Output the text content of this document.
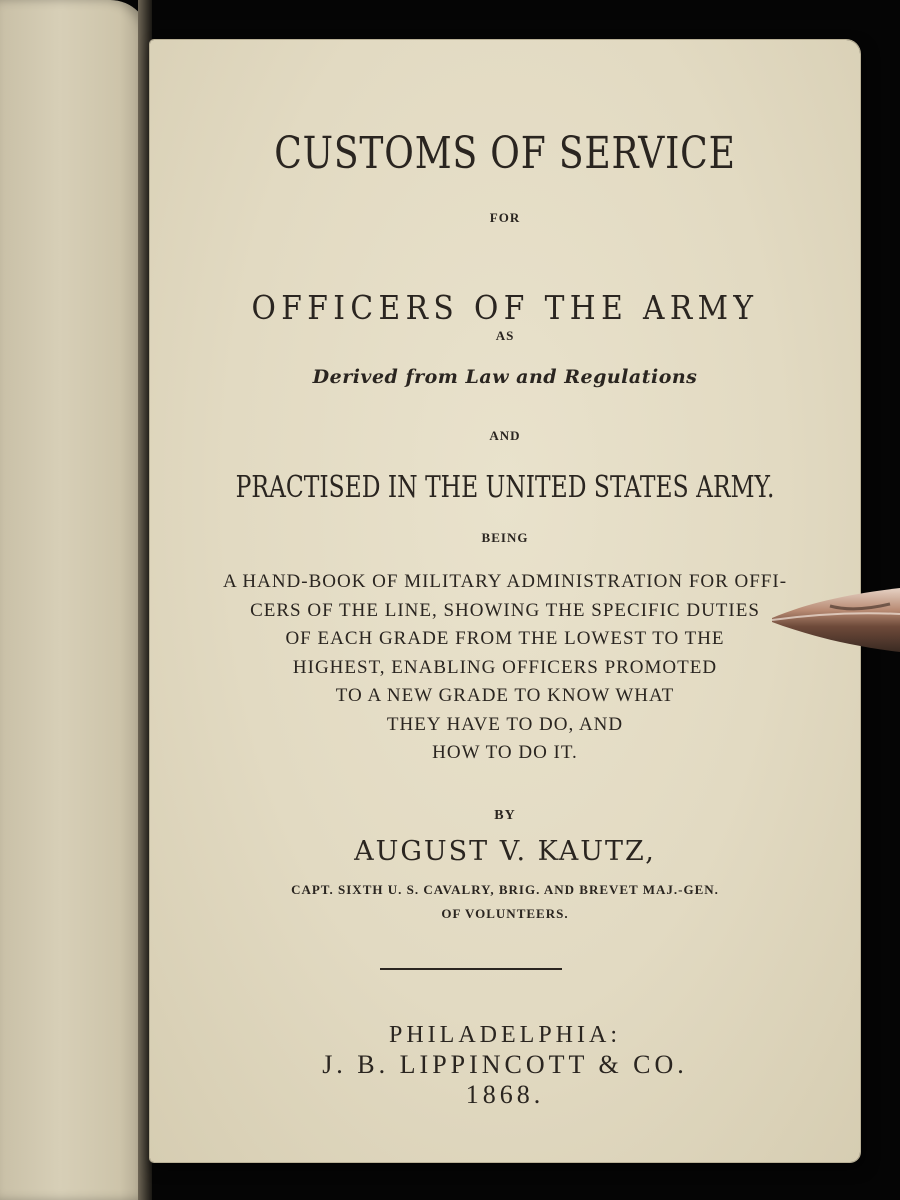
CUSTOMS OF SERVICE
FOR
OFFICERS OF THE ARMY
AS
Derived from Law and Regulations
AND
PRACTISED IN THE UNITED STATES ARMY.
BEING
A HAND-BOOK OF MILITARY ADMINISTRATION FOR OFFI-
CERS OF THE LINE, SHOWING THE SPECIFIC DUTIES
OF EACH GRADE FROM THE LOWEST TO THE
HIGHEST, ENABLING OFFICERS PROMOTED
TO A NEW GRADE TO KNOW WHAT
THEY HAVE TO DO, AND
HOW TO DO IT.
BY
AUGUST V. KAUTZ,
CAPT. SIXTH U. S. CAVALRY, BRIG. AND BREVET MAJ.-GEN.
OF VOLUNTEERS.
PHILADELPHIA:
J. B. LIPPINCOTT & CO.
1868.
